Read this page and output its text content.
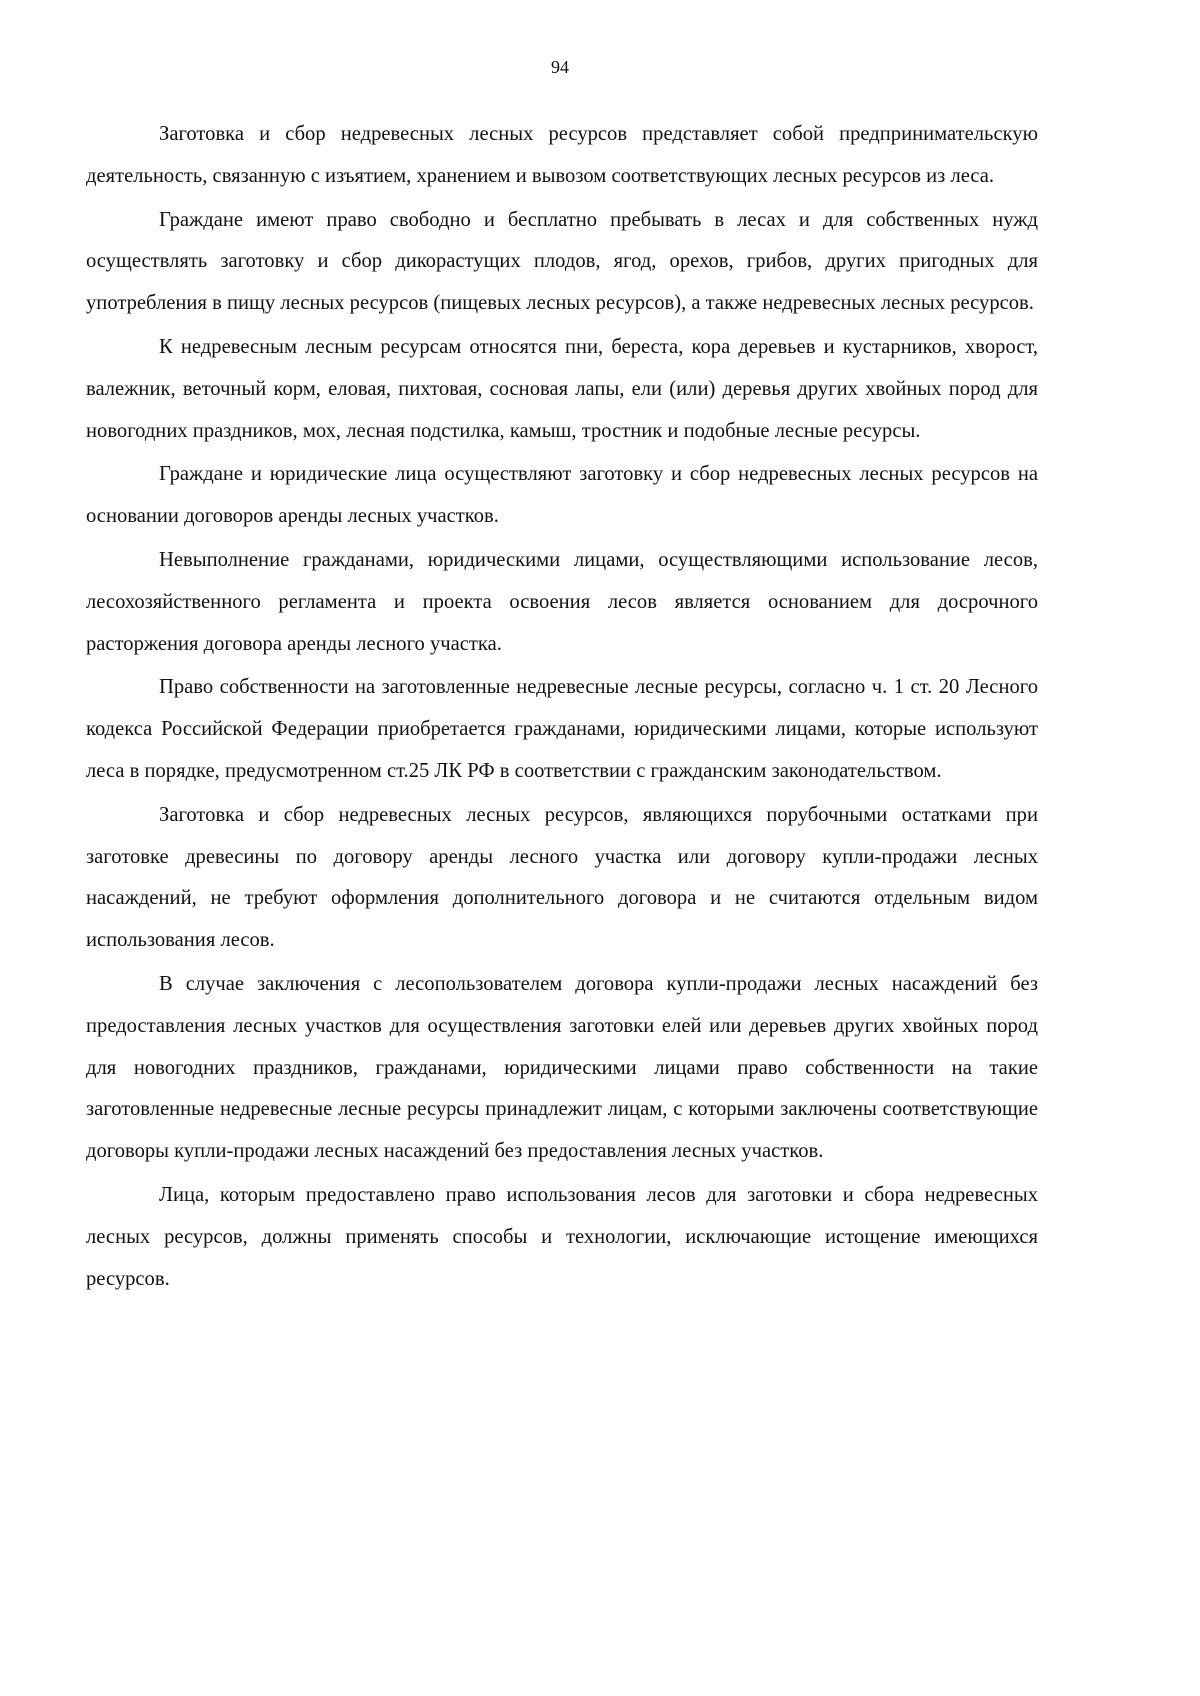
94

Заготовка и сбор недревесных лесных ресурсов представляет собой предпринимательскую деятельность, связанную с изъятием, хранением и вывозом соответствующих лесных ресурсов из леса.

Граждане имеют право свободно и бесплатно пребывать в лесах и для собственных нужд осуществлять заготовку и сбор дикорастущих плодов, ягод, орехов, грибов, других пригодных для употребления в пищу лесных ресурсов (пищевых лесных ресурсов), а также недревесных лесных ресурсов.

К недревесным лесным ресурсам относятся пни, береста, кора деревьев и кустарников, хворост, валежник, веточный корм, еловая, пихтовая, сосновая лапы, ели (или) деревья других хвойных пород для новогодних праздников, мох, лесная подстилка, камыш, тростник и подобные лесные ресурсы.

Граждане и юридические лица осуществляют заготовку и сбор недревесных лесных ресурсов на основании договоров аренды лесных участков.

Невыполнение гражданами, юридическими лицами, осуществляющими использование лесов, лесохозяйственного регламента и проекта освоения лесов является основанием для досрочного расторжения договора аренды лесного участка.

Право собственности на заготовленные недревесные лесные ресурсы, согласно ч. 1 ст. 20 Лесного кодекса Российской Федерации приобретается гражданами, юридическими лицами, которые используют леса в порядке, предусмотренном ст.25 ЛК РФ в соответствии с гражданским законодательством.

Заготовка и сбор недревесных лесных ресурсов, являющихся порубочными остатками при заготовке древесины по договору аренды лесного участка или договору купли-продажи лесных насаждений, не требуют оформления дополнительного договора и не считаются отдельным видом использования лесов.

В случае заключения с лесопользователем договора купли-продажи лесных насаждений без предоставления лесных участков для осуществления заготовки елей или деревьев других хвойных пород для новогодних праздников, гражданами, юридическими лицами право собственности на такие заготовленные недревесные лесные ресурсы принадлежит лицам, с которыми заключены соответствующие договоры купли-продажи лесных насаждений без предоставления лесных участков.

Лица, которым предоставлено право использования лесов для заготовки и сбора недревесных лесных ресурсов, должны применять способы и технологии, исключающие истощение имеющихся ресурсов.
